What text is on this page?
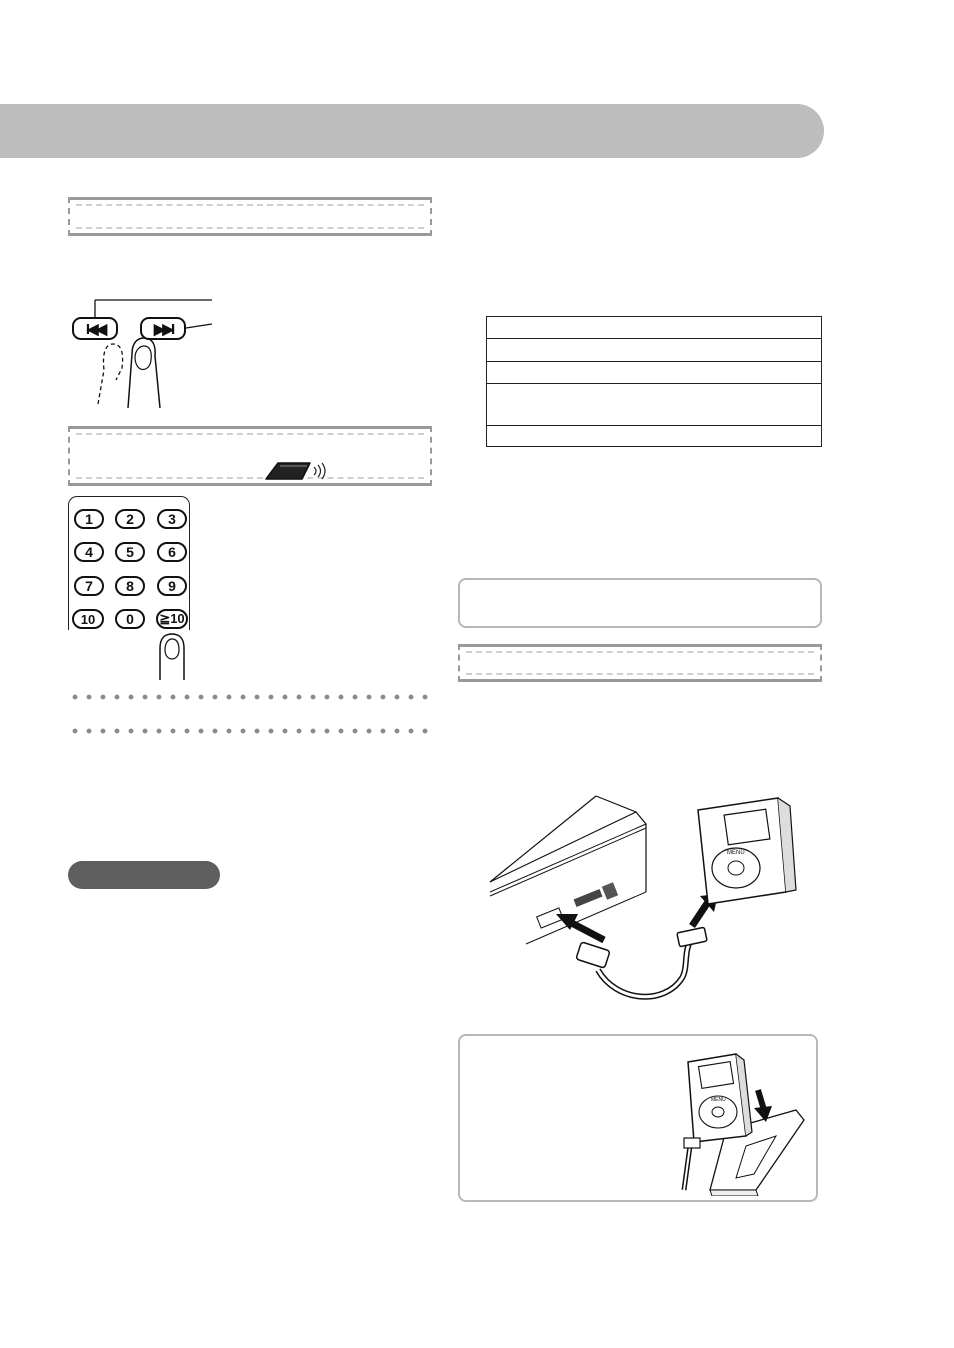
I◀◀	▶▶I
1	2	3
4	5	6
7	8	9
10	0	≧10

MENU
MENU
